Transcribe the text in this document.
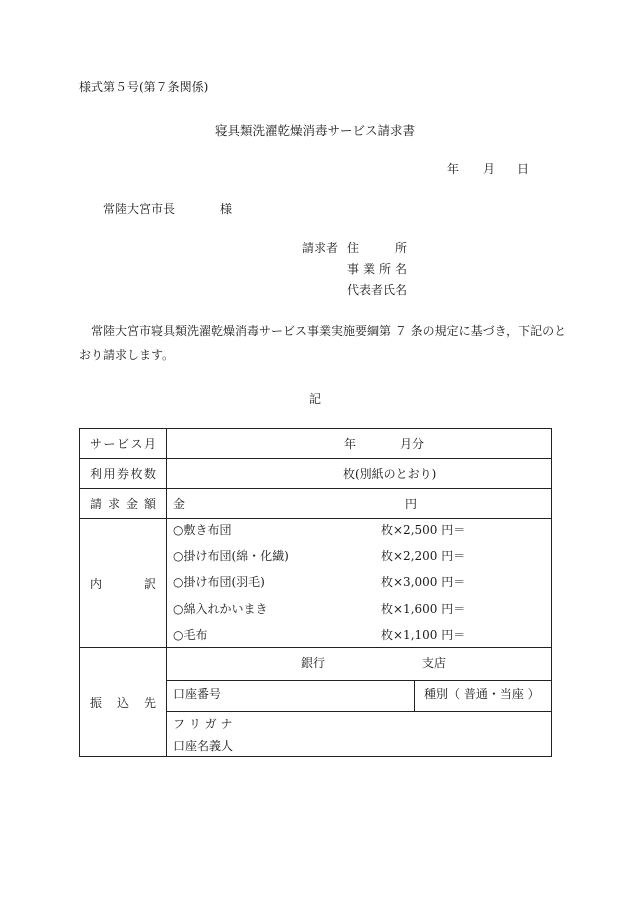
様式第５号(第７条関係)
寝具類洗濯乾燥消毒サービス請求書
年 月 日
常陸大宮市長	様
請求者 住	所
事 業 所 名
代表者氏名
常陸大宮市寝具類洗濯乾燥消毒サービス事業実施要綱第 ７ 条の規定に基づき，下記のと
おり請求します。
記
サ ー ビ ス 月	年	月分
利 用 券 枚 数	枚(別紙のとおり)
請 求 金 額 金	円
内	訳
○敷き布団	枚×2,500 円＝
○掛け布団(綿・化繊)	枚×2,200 円＝
○掛け布団(羽毛)	枚×3,000 円＝
○綿入れかいまき	枚×1,600 円＝
○毛布	枚×1,100 円＝
振 込 先
銀行	支店
口座番号	種別（ 普通・当座 ）
フ リ ガ ナ
口座名義人
